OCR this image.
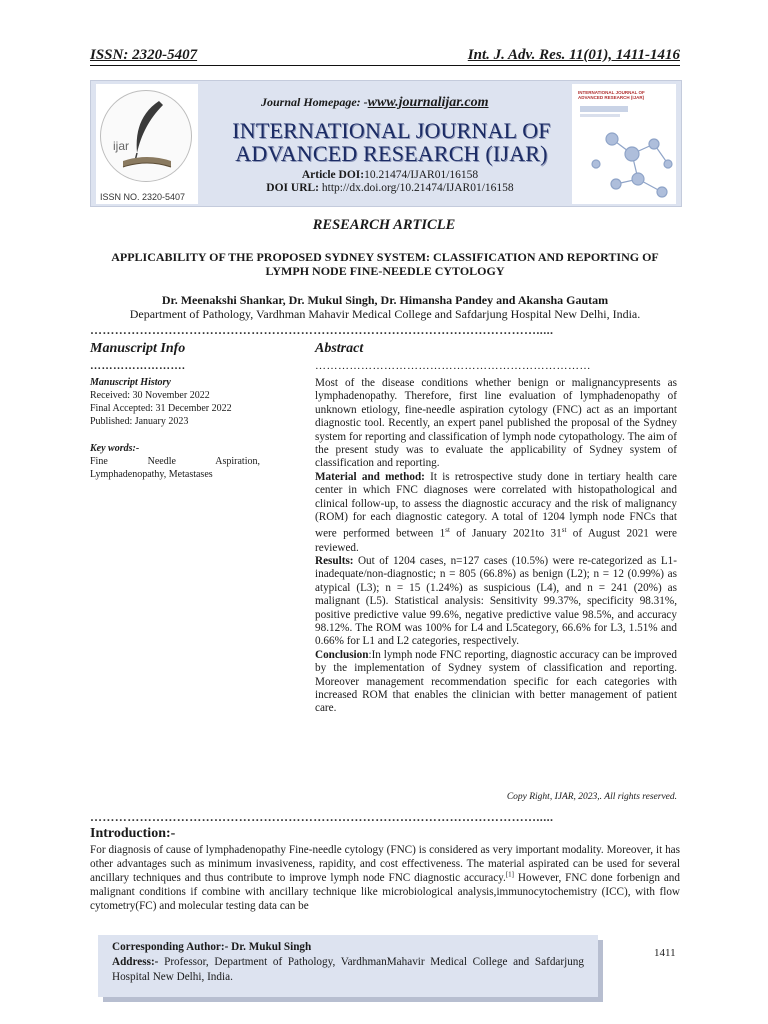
ISSN: 2320-5407	Int. J. Adv. Res. 11(01), 1411-1416
ijar
ISSN NO. 2320-5407
Journal Homepage: -www.journalijar.com
INTERNATIONAL JOURNAL OF ADVANCED RESEARCH (IJAR)
Article DOI:10.21474/IJAR01/16158
DOI URL: http://dx.doi.org/10.21474/IJAR01/16158
INTERNATIONAL JOURNAL OF ADVANCED RESEARCH (IJAR)
RESEARCH ARTICLE
APPLICABILITY OF THE PROPOSED SYDNEY SYSTEM: CLASSIFICATION AND REPORTING OF LYMPH NODE FINE-NEEDLE CYTOLOGY
Dr. Meenakshi Shankar, Dr. Mukul Singh, Dr. Himansha Pandey and Akansha Gautam
Department of Pathology, Vardhman Mahavir Medical College and Safdarjung Hospital New Delhi, India.
……………………………………………………………………………………………….....
Manuscript Info	Abstract
…………………….	………………………………………………………………
Manuscript History
Received: 30 November 2022
Final Accepted: 31 December 2022
Published: January 2023
Key words:-
Fine Needle Aspiration, Lymphadenopathy, Metastases

Most of the disease conditions whether benign or malignancypresents as lymphadenopathy. Therefore, first line evaluation of lymphadenopathy of unknown etiology, fine-needle aspiration cytology (FNC) act as an important diagnostic tool. Recently, an expert panel published the proposal of the Sydney system for reporting and classification of lymph node cytopathology. The aim of the present study was to evaluate the applicability of Sydney system of classification and reporting.

Material and method: It is retrospective study done in tertiary health care center in which FNC diagnoses were correlated with histopathological and clinical follow-up, to assess the diagnostic accuracy and the risk of malignancy (ROM) for each diagnostic category. A total of 1204 lymph node FNCs that were performed between 1st of January 2021to 31st of August 2021 were reviewed.

Results: Out of 1204 cases, n=127 cases (10.5%) were re-categorized as L1-inadequate/non-diagnostic; n = 805 (66.8%) as benign (L2); n = 12 (0.99%) as atypical (L3); n = 15 (1.24%) as suspicious (L4), and n = 241 (20%) as malignant (L5). Statistical analysis: Sensitivity 99.37%, specificity 98.31%, positive predictive value 99.6%, negative predictive value 98.5%, and accuracy 98.12%. The ROM was 100% for L4 and L5category, 66.6% for L3, 1.51% and 0.66% for L1 and L2 categories, respectively.

Conclusion:In lymph node FNC reporting, diagnostic accuracy can be improved by the implementation of Sydney system of classification and reporting. Moreover management recommendation specific for each categories with increased ROM that enables the clinician with better management of patient care.

Copy Right, IJAR, 2023,. All rights reserved.
……………………………………………………………………………………………….....
Introduction:-
For diagnosis of cause of lymphadenopathy Fine-needle cytology (FNC) is considered as very important modality. Moreover, it has other advantages such as minimum invasiveness, rapidity, and cost effectiveness. The material aspirated can be used for several ancillary techniques and thus contribute to improve lymph node FNC diagnostic accuracy.[1] However, FNC done forbenign and malignant conditions if combine with ancillary technique like microbiological analysis,immunocytochemistry (ICC), with flow cytometry(FC) and molecular testing data can be
Corresponding Author:- Dr. Mukul Singh
Address:- Professor, Department of Pathology, VardhmanMahavir Medical College and Safdarjung Hospital New Delhi, India.
1411
